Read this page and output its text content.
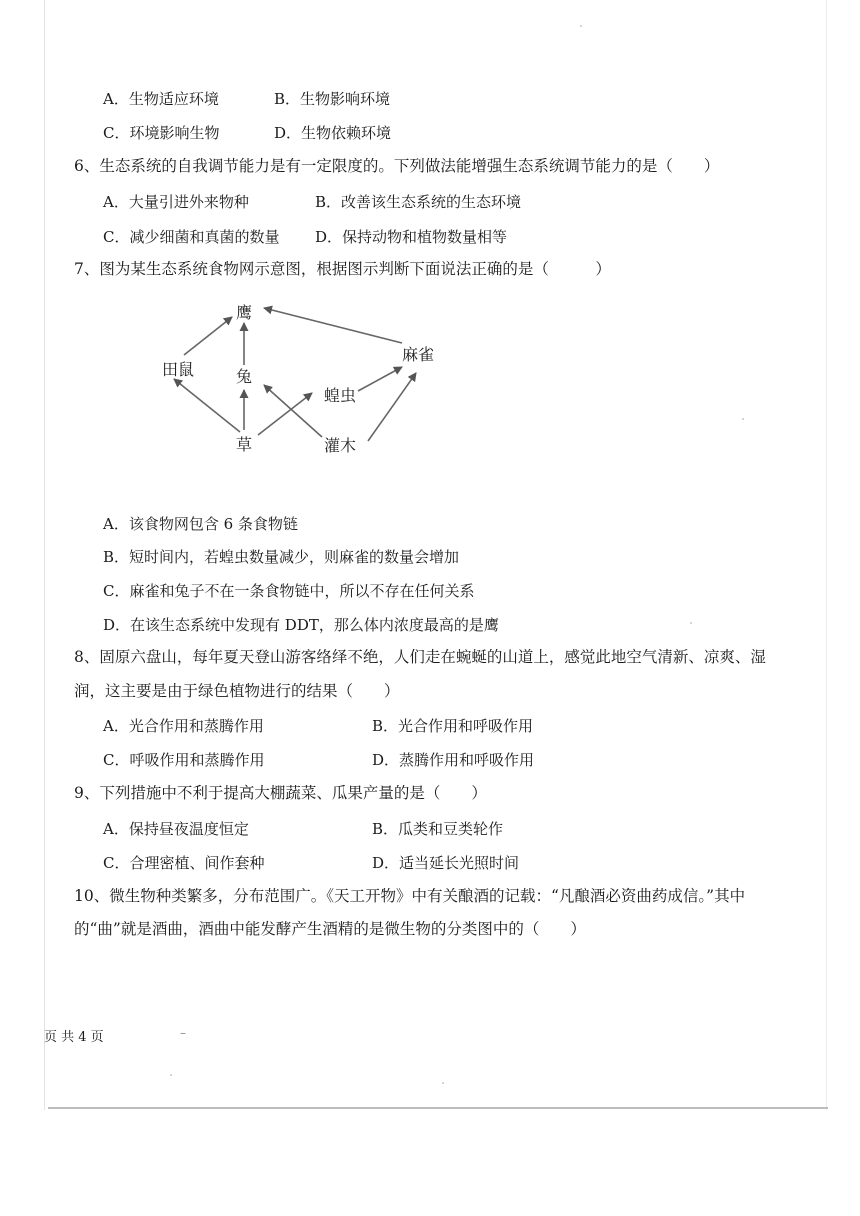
A．生物适应环境	B．生物影响环境
C．环境影响生物	D．生物依赖环境
6、生态系统的自我调节能力是有一定限度的。下列做法能增强生态系统调节能力的是（　　）
A．大量引进外来物种	B．改善该生态系统的生态环境
C．减少细菌和真菌的数量 D．保持动物和植物数量相等
7、图为某生态系统食物网示意图，根据图示判断下面说法正确的是（　　　）
鹰
麻雀
田鼠	兔
蝗虫
草	灌木
A．该食物网包含 6 条食物链
B．短时间内，若蝗虫数量减少，则麻雀的数量会增加
C．麻雀和兔子不在一条食物链中，所以不存在任何关系
D．在该生态系统中发现有 DDT，那么体内浓度最高的是鹰
8、固原六盘山，每年夏天登山游客络绎不绝，人们走在蜿蜒的山道上，感觉此地空气清新、凉爽、湿
润，这主要是由于绿色植物进行的结果（　　）
A．光合作用和蒸腾作用	B．光合作用和呼吸作用
C．呼吸作用和蒸腾作用	D．蒸腾作用和呼吸作用
9、下列措施中不利于提高大棚蔬菜、瓜果产量的是（　　）
A．保持昼夜温度恒定	B．瓜类和豆类轮作
C．合理密植、间作套种	D．适当延长光照时间
10、微生物种类繁多，分布范围广。《天工开物》中有关酿酒的记载：“凡酿酒必资曲药成信。”其中
的“曲”就是酒曲，酒曲中能发酵产生酒精的是微生物的分类图中的（　　）
页 共 4 页	–
